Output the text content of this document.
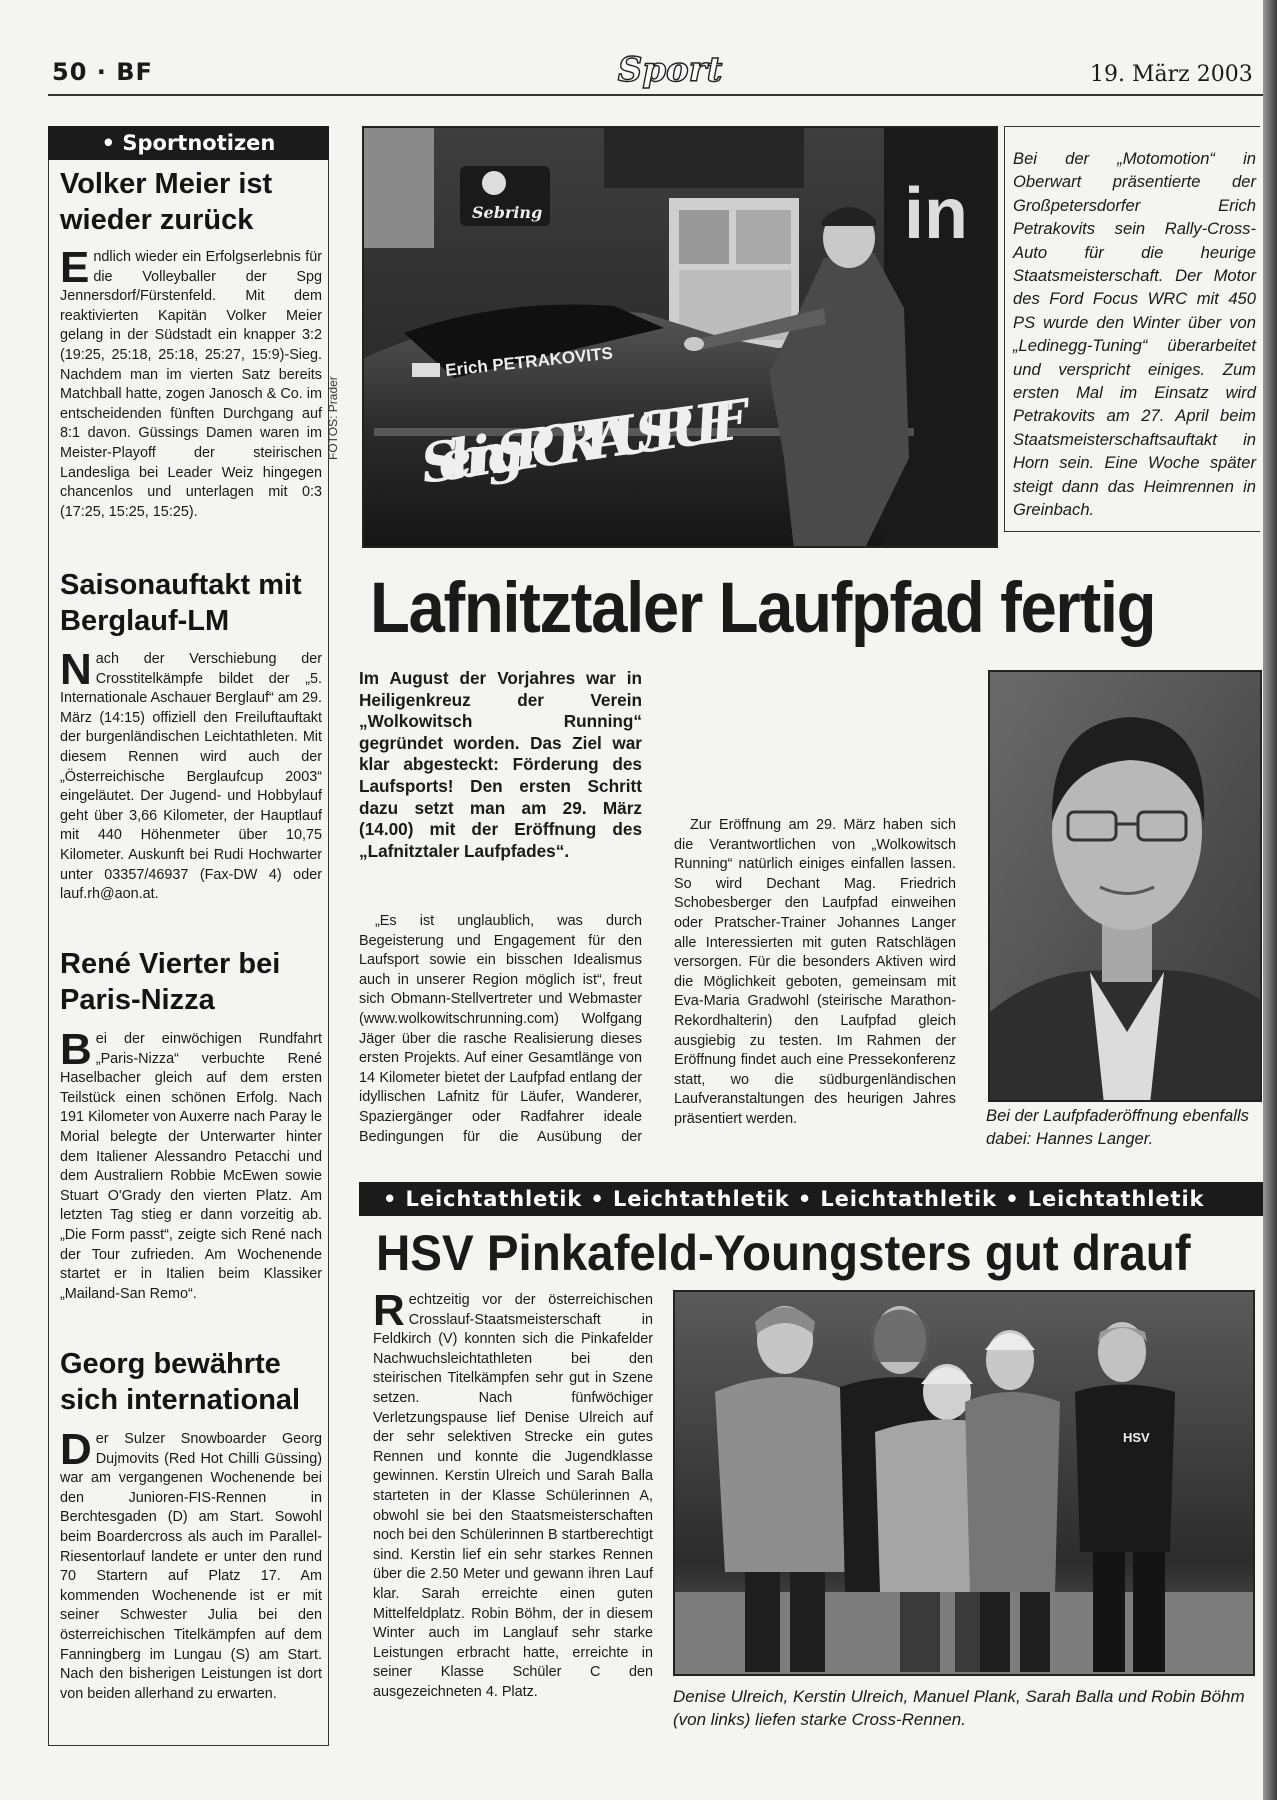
50 · BF	Sport	19. März 2003
• Sportnotizen
Volker Meier ist wieder zurück
Endlich wieder ein Erfolgserlebnis für die Volleyballer der Spg Jennersdorf/Fürstenfeld. Mit dem reaktivierten Kapitän Volker Meier gelang in der Südstadt ein knapper 3:2 (19:25, 25:18, 25:18, 25:27, 15:9)-Sieg. Nachdem man im vierten Satz bereits Matchball hatte, zogen Janosch & Co. im entscheidenden fünften Durchgang auf 8:1 davon. Güssings Damen waren im Meister-Playoff der steirischen Landesliga bei Leader Weiz hingegen chancenlos und unterlagen mit 0:3 (17:25, 15:25, 15:25).
Saisonauftakt mit Berglauf-LM
Nach der Verschiebung der Crosstitelkämpfe bildet der „5. Internationale Aschauer Berglauf“ am 29. März (14:15) offiziell den Freiluftauftakt der burgenländischen Leichtathleten. Mit diesem Rennen wird auch der „Österreichische Berglaufcup 2003“ eingeläutet. Der Jugend- und Hobbylauf geht über 3,66 Kilometer, der Hauptlauf mit 440 Höhenmeter über 10,75 Kilometer. Auskunft bei Rudi Hochwarter unter 03357/46937 (Fax-DW 4) oder lauf.rh@aon.at.
René Vierter bei Paris-Nizza
Bei der einwöchigen Rundfahrt „Paris-Nizza“ verbuchte René Haselbacher gleich auf dem ersten Teilstück einen schönen Erfolg. Nach 191 Kilometer von Auxerre nach Paray le Morial belegte der Unterwarter hinter dem Italiener Alessandro Petacchi und dem Australiern Robbie McEwen sowie Stuart O'Grady den vierten Platz. Am letzten Tag stieg er dann vorzeitig ab. „Die Form passt“, zeigte sich René nach der Tour zufrieden. Am Wochenende startet er in Italien beim Klassiker „Mailand-San Remo“.
Georg bewährte sich international
Der Sulzer Snowboarder Georg Dujmovits (Red Hot Chilli Güssing) war am vergangenen Wochenende bei den Junioren-FIS-Rennen in Berchtesgaden (D) am Start. Sowohl beim Boardercross als auch im Parallel-Riesentorlauf landete er unter den rund 70 Startern auf Platz 17. Am kommenden Wochenende ist er mit seiner Schwester Julia bei den österreichischen Titelkämpfen auf dem Fanningberg im Lungau (S) am Start. Nach den bisherigen Leistungen ist dort von beiden allerhand zu erwarten.
Sebring	in
Sebring SPORTAUSPUFF
Erich PETRAKOVITS
FOTOS: Prader
Bei der „Motomotion“ in Oberwart präsentierte der Großpetersdorfer Erich Petrakovits sein Rally-Cross-Auto für die heurige Staatsmeisterschaft. Der Motor des Ford Focus WRC mit 450 PS wurde den Winter über von „Ledinegg-Tuning“ überarbeitet und verspricht einiges. Zum ersten Mal im Einsatz wird Petrakovits am 27. April beim Staatsmeisterschaftsauftakt in Horn sein. Eine Woche später steigt dann das Heimrennen in Greinbach.
Lafnitztaler Laufpfad fertig
Im August der Vorjahres war in Heiligenkreuz der Verein „Wolkowitsch Running“ gegründet worden. Das Ziel war klar abgesteckt: Förderung des Laufsports! Den ersten Schritt dazu setzt man am 29. März (14.00) mit der Eröffnung des „Lafnitztaler Laufpfades“.
„Es ist unglaublich, was durch Begeisterung und Engagement für den Laufsport sowie ein bisschen Idealismus auch in unserer Region möglich ist“, freut sich Obmann-Stellvertreter und Webmaster (www.wolkowitschrunning.com) Wolfgang Jäger über die rasche Realisierung dieses ersten Projekts. Auf einer Gesamtlänge von 14 Kilometer bietet der Laufpfad entlang der idyllischen Lafnitz für Läufer, Wanderer, Spaziergänger oder Radfahrer ideale Bedingungen für die Ausübung der
Zur Eröffnung am 29. März haben sich die Verantwortlichen von „Wolkowitsch Running“ natürlich einiges einfallen lassen. So wird Dechant Mag. Friedrich Schobesberger den Laufpfad einweihen oder Pratscher-Trainer Johannes Langer alle Interessierten mit guten Ratschlägen versorgen. Für die besonders Aktiven wird die Möglichkeit geboten, gemeinsam mit Eva-Maria Gradwohl (steirische Marathon-Rekordhalterin) den Laufpfad gleich ausgiebig zu testen. Im Rahmen der Eröffnung findet auch eine Pressekonferenz statt, wo die südburgenländischen Laufveranstaltungen des heurigen Jahres präsentiert werden.	Bei der Laufpfaderöffnung ebenfalls dabei: Hannes Langer.
• Leichtathletik • Leichtathletik • Leichtathletik • Leichtathletik
HSV Pinkafeld-Youngsters gut drauf
Rechtzeitig vor der österreichischen Crosslauf-Staatsmeisterschaft in Feldkirch (V) konnten sich die Pinkafelder Nachwuchsleichtathleten bei den steirischen Titelkämpfen sehr gut in Szene setzen. Nach fünfwöchiger Verletzungspause lief Denise Ulreich auf der sehr selektiven Strecke ein gutes Rennen und konnte die Jugendklasse gewinnen. Kerstin Ulreich und Sarah Balla starteten in der Klasse Schülerinnen A, obwohl sie bei den Staatsmeisterschaften noch bei den Schülerinnen B startberechtigt sind. Kerstin lief ein sehr starkes Rennen über die 2.50 Meter und gewann ihren Lauf klar. Sarah erreichte einen guten Mittelfeldplatz. Robin Böhm, der in diesem Winter auch im Langlauf sehr starke Leistungen erbracht hatte, erreichte in seiner Klasse Schüler C den ausgezeichneten 4. Platz.
HSV
Denise Ulreich, Kerstin Ulreich, Manuel Plank, Sarah Balla und Robin Böhm (von links) liefen starke Cross-Rennen.
